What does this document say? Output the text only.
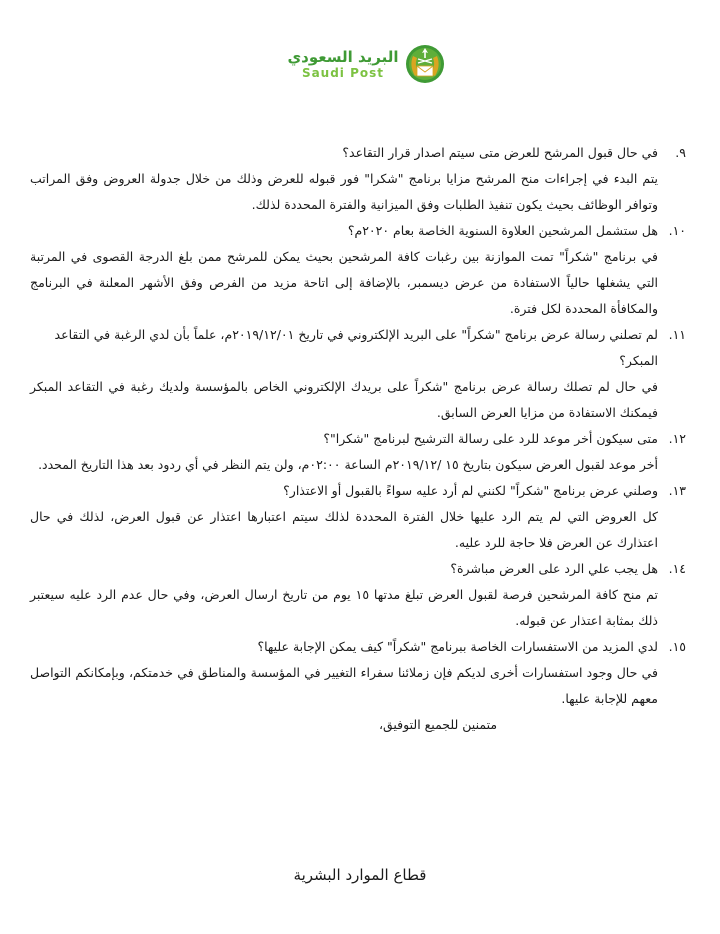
البريد السعودي
Saudi Post
٩.
في حال قبول المرشح للعرض متى سيتم اصدار قرار التقاعد؟
يتم البدء في إجراءات منح المرشح مزايا برنامج "شكرا" فور قبوله للعرض وذلك من خلال جدولة العروض وفق المراتب وتوافر الوظائف بحيث يكون تنفيذ الطلبات وفق الميزانية والفترة المحددة لذلك.
١٠.
هل ستشمل المرشحين العلاوة السنوية الخاصة بعام ٢٠٢٠م؟
في برنامج "شكراً" تمت الموازنة بين رغبات كافة المرشحين بحيث يمكن للمرشح ممن بلغ الدرجة القصوى في المرتبة التي يشغلها حالياً الاستفادة من عرض ديسمبر، بالإضافة إلى اتاحة مزيد من الفرص وفق الأشهر المعلنة في البرنامج والمكافأة المحددة لكل فترة.
١١.
لم تصلني رسالة عرض برنامج "شكراً" على البريد الإلكتروني في تاريخ ٢٠١٩/١٢/٠١م، علماً بأن لدي الرغبة في التقاعد المبكر؟
في حال لم تصلك رسالة عرض برنامج "شكراً على بريدك الإلكتروني الخاص بالمؤسسة ولديك رغبة في التقاعد المبكر فيمكنك الاستفادة من مزايا العرض السابق.
١٢.
متى سيكون أخر موعد للرد على رسالة الترشيح لبرنامج "شكرا"؟
أخر موعد لقبول العرض سيكون بتاريخ ١٥ /٢٠١٩/١٢م الساعة ٠٢:٠٠م، ولن يتم النظر في أي ردود بعد هذا التاريخ المحدد.
١٣.
وصلني عرض برنامج "شكراً" لكنني لم أرد عليه سواءً بالقبول أو الاعتذار؟
كل العروض التي لم يتم الرد عليها خلال الفترة المحددة لذلك سيتم اعتبارها اعتذار عن قبول العرض، لذلك في حال اعتذارك عن العرض فلا حاجة للرد عليه.
١٤.
هل يجب علي الرد على العرض مباشرة؟
تم منح كافة المرشحين فرصة لقبول العرض تبلغ مدتها ١٥ يوم من تاريخ ارسال العرض، وفي حال عدم الرد عليه سيعتبر ذلك بمثابة اعتذار عن قبوله.
١٥.
لدي المزيد من الاستفسارات الخاصة ببرنامج "شكراً" كيف يمكن الإجابة عليها؟
في حال وجود استفسارات أخرى لديكم فإن زملائنا سفراء التغيير في المؤسسة والمناطق في خدمتكم، وبإمكانكم التواصل معهم للإجابة عليها.
متمنين للجميع التوفيق،
قطاع الموارد البشرية
